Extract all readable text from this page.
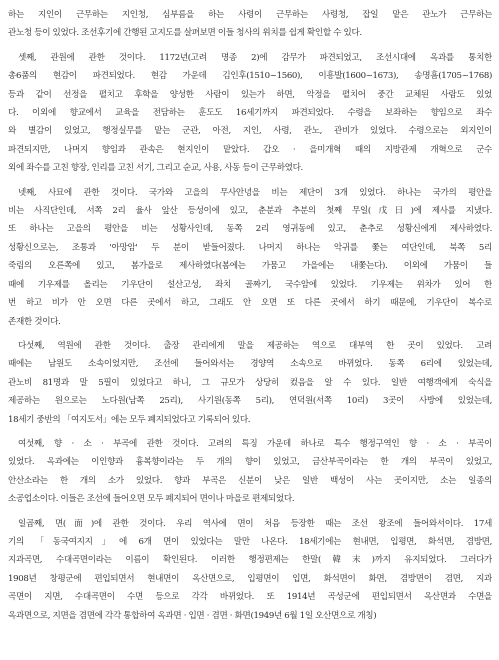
하는 지인이 근무하는 지인청, 심부름을 하는 사령이 근무하는 사령청, 잡일 맡은 관노가 근무하는
관노청 등이 있었다. 조선후기에 간행된 고지도를 살펴보면 이들 청사의 위치를 쉽게 확인할 수 있다.

셋째, 관원에 관한 것이다. 1172년(고려 명종 2)에 감무가 파견되었고, 조선시대에 옥과를 통치한
총6품의 현감이 파견되었다. 현감 가운데 김인후(1510~1560), 이흥발(1600~1673), 송명흠(1705~1768)
등과 같이 선정을 펼치고 후학을 양성한 사람이 있는가 하면, 악정을 펼치어 중간 교체된 사람도 있었
다. 이외에 향교에서 교육을 전담하는 훈도도 16세기까지 파견되었다. 수령을 보좌하는 향임으로 좌수
와 별감이 있었고, 행정실무를 맡는 군관, 아전, 지인, 사령, 관노, 관비가 있었다. 수령으로는 외지인이
파견되지만, 나머지 향임과 관속은 현지인이 맡았다. 갑오 · 을미개혁 때의 지방관제 개혁으로 군수
외에 좌수를 고친 향장, 인리를 고친 서기, 그리고 순교, 사용, 사동 등이 근무하였다.

넷째, 사묘에 관한 것이다. 국가와 고을의 무사안녕을 비는 제단이 3개 있었다. 하나는 국가의 평안을
비는 사직단인데, 서쪽 2리 율사 앞산 등성이에 있고, 춘분과 추분의 첫째 무일(戊日)에 제사를 지냈다.
또 하나는 고을의 평안을 비는 성황사인데, 동쪽 2리 영귀동에 있고, 춘추로 성황신에게 제사하였다.
성황신으로는, 조통과 '아망암' 두 분이 받들어졌다. 나머지 하나는 악귀를 쫓는 여단인데, 북쪽 5리
죽림의 오른쪽에 있고, 봄가을로 제사하였다(봄에는 가뭄고 가을에는 내쫓는다). 이외에 가뭄이 들
때에 기우제를 올리는 기우단이 설산고성, 좌치 골짜기, 국수암에 있었다. 기우제는 위차가 있어 한
번 하고 비가 안 오면 다른 곳에서 하고, 그래도 안 오면 또 다른 곳에서 하기 때문에, 기우단이 복수로
존재한 것이다.

다섯째, 역원에 관한 것이다. 출장 관리에게 말을 제공하는 역으로 대부역 한 곳이 있었다. 고려
때에는 남원도 소속이었지만, 조선에 들어와서는 경양역 소속으로 바뀌었다. 동쪽 6리에 있었는데,
관노비 81명과 말 5필이 있었다고 하니, 그 규모가 상당히 컸음을 알 수 있다. 일반 여행객에게 숙식을
제공하는 원으로는 노다원(남쪽 25리), 사기원(동쪽 5리), 연덕원(서쪽 10리) 3곳이 사방에 있었는데,
18세기 중반의 「여지도서」에는 모두 폐지되었다고 기록되어 있다.

여섯째, 향 · 소 · 부곡에 관한 것이다. 고려의 특징 가운데 하나로 특수 행정구역인 향 · 소 · 부곡이
있었다. 옥과에는 이인향과 흉복향이라는 두 개의 향이 있었고, 금산부곡이라는 한 개의 부곡이 있었고,
안산소라는 한 개의 소가 있었다. 향과 부곡은 신분이 낮은 일반 백성이 사는 곳이지만, 소는 일종의
소공업소이다. 이들은 조선에 들어오면 모두 폐지되어 면이나 마을로 편제되었다.

일곱째, 면(面)에 관한 것이다. 우리 역사에 면이 처음 등장한 때는 조선 왕조에 들어와서이다. 17세
기의 「동국여지지」에 6개 면이 있었다는 말만 나온다. 18세기에는 현내면, 입평면, 화석면, 겸방면,
지과곡면, 수대곡면이라는 이름이 확인된다. 이러한 행정편제는 한말(韓末)까지 유지되었다. 그러다가
1908년 창평군에 편입되면서 현내면이 옥산면으로, 입평면이 입면, 화석면이 화면, 겸방면이 겸면, 지과
곡면이 지면, 수대곡면이 수면 등으로 각각 바뀌었다. 또 1914년 곡성군에 편입되면서 옥산면과 수면을
옥과면으로, 지면을 겸면에 각각 통합하여 옥과면 · 입면 · 겸면 · 화면(1949년 6월 1일 오산면으로 개칭)
